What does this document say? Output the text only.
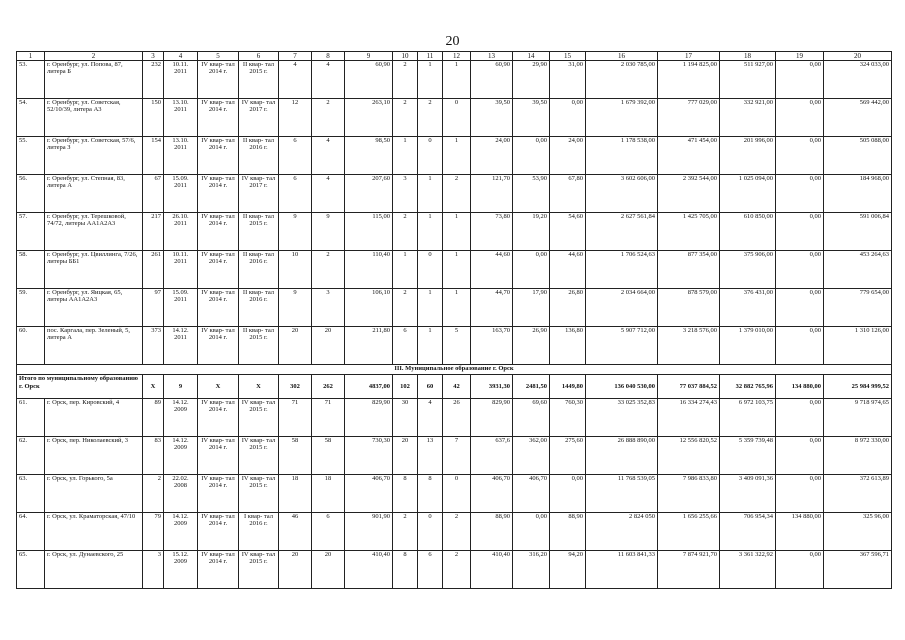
20
1	2	3	4	5	6	7	8	9	10	11	12	13	14	15	16	17	18	19	20
53.	г. Оренбург, ул. Попова, 87, литера Б	232	10.11. 2011	IV квар- тал 2014 г.	II квар- тал 2015 г.	4	4	60,90	2	1	1	60,90	29,90	31,00	2 030 785,00	1 194 825,00	511 927,00	0,00	324 033,00
54.	г. Оренбург, ул. Советская, 52/10/39, литера А3	150	13.10. 2011	IV квар- тал 2014 г.	IV квар- тал 2017 г.	12	2	263,10	2	2	0	39,50	39,50	0,00	1 679 392,00	777 029,00	332 921,00	0,00	569 442,00
55.	г. Оренбург, ул. Советская, 57/6, литера З	154	13.10. 2011	IV квар- тал 2014 г.	II квар- тал 2016 г.	6	4	98,50	1	0	1	24,00	0,00	24,00	1 178 538,00	471 454,00	201 996,00	0,00	505 088,00
56.	г. Оренбург, ул. Степная, 83, литера А	67	15.09. 2011	IV квар- тал 2014 г.	IV квар- тал 2017 г.	6	4	207,60	3	1	2	121,70	53,90	67,80	3 602 606,00	2 392 544,00	1 025 094,00	0,00	184 968,00
57.	г. Оренбург, ул. Терешковой, 74/72, литеры АА1А2А3	217	26.10. 2011	IV квар- тал 2014 г.	II квар- тал 2015 г.	9	9	115,00	2	1	1	73,80	19,20	54,60	2 627 561,84	1 425 705,00	610 850,00	0,00	591 006,84
58.	г. Оренбург, ул. Цвиллинга, 7/26, литеры ББ1	261	10.11. 2011	IV квар- тал 2014 г.	II квар- тал 2016 г.	10	2	110,40	1	0	1	44,60	0,00	44,60	1 706 524,63	877 354,00	375 906,00	0,00	453 264,63
59.	г. Оренбург, ул. Яицкая, 65, литеры АА1А2А3	97	15.09. 2011	IV квар- тал 2014 г.	II квар- тал 2016 г.	9	3	106,10	2	1	1	44,70	17,90	26,80	2 034 664,00	878 579,00	376 431,00	0,00	779 654,00
60.	пос. Каргала, пер. Зеленый, 5, литера А	373	14.12. 2011	IV квар- тал 2014 г.	II квар- тал 2015 г.	20	20	211,80	6	1	5	163,70	26,90	136,80	5 907 712,00	3 218 576,00	1 379 010,00	0,00	1 310 126,00
III. Муниципальное образование г. Орск																			
Итого по муниципальному образованию г. Орск		X	9	X	X	302	262	4837,00	102	60	42	3931,30	2481,50	1449,80	136 040 530,00	77 037 884,52	32 882 765,96	134 880,00	25 984 999,52
61.	г. Орск, пер. Кировский, 4	89	14.12. 2009	IV квар- тал 2014 г.	IV квар- тал 2015 г.	71	71	829,90	30	4	26	829,90	69,60	760,30	33 025 352,83	16 334 274,43	6 972 103,75	0,00	9 718 974,65
62.	г. Орск, пер. Николаевский, 3	83	14.12. 2009	IV квар- тал 2014 г.	IV квар- тал 2015 г.	58	58	730,30	20	13	7	637,6	362,00	275,60	26 888 890,00	12 556 820,52	5 359 739,48	0,00	8 972 330,00
63.	г. Орск, ул. Горького, 5а	2	22.02. 2008	IV квар- тал 2014 г.	IV квар- тал 2015 г.	18	18	406,70	8	8	0	406,70	406,70	0,00	11 768 539,05	7 986 833,80	3 409 091,36	0,00	372 613,89
64.	г. Орск, ул. Краматорская, 47/10	79	14.12. 2009	IV квар- тал 2014 г.	I квар- тал 2016 г.	46	6	901,90	2	0	2	88,90	0,00	88,90	2 824 050	1 656 255,66	706 954,34	134 880,00	325 96,00
65.	г. Орск, ул. Дунаевского, 25	3	15.12. 2009	IV квар- тал 2014 г.	IV квар- тал 2015 г.	20	20	410,40	8	6	2	410,40	316,20	94,20	11 603 841,33	7 874 921,70	3 361 322,92	0,00	367 596,71
